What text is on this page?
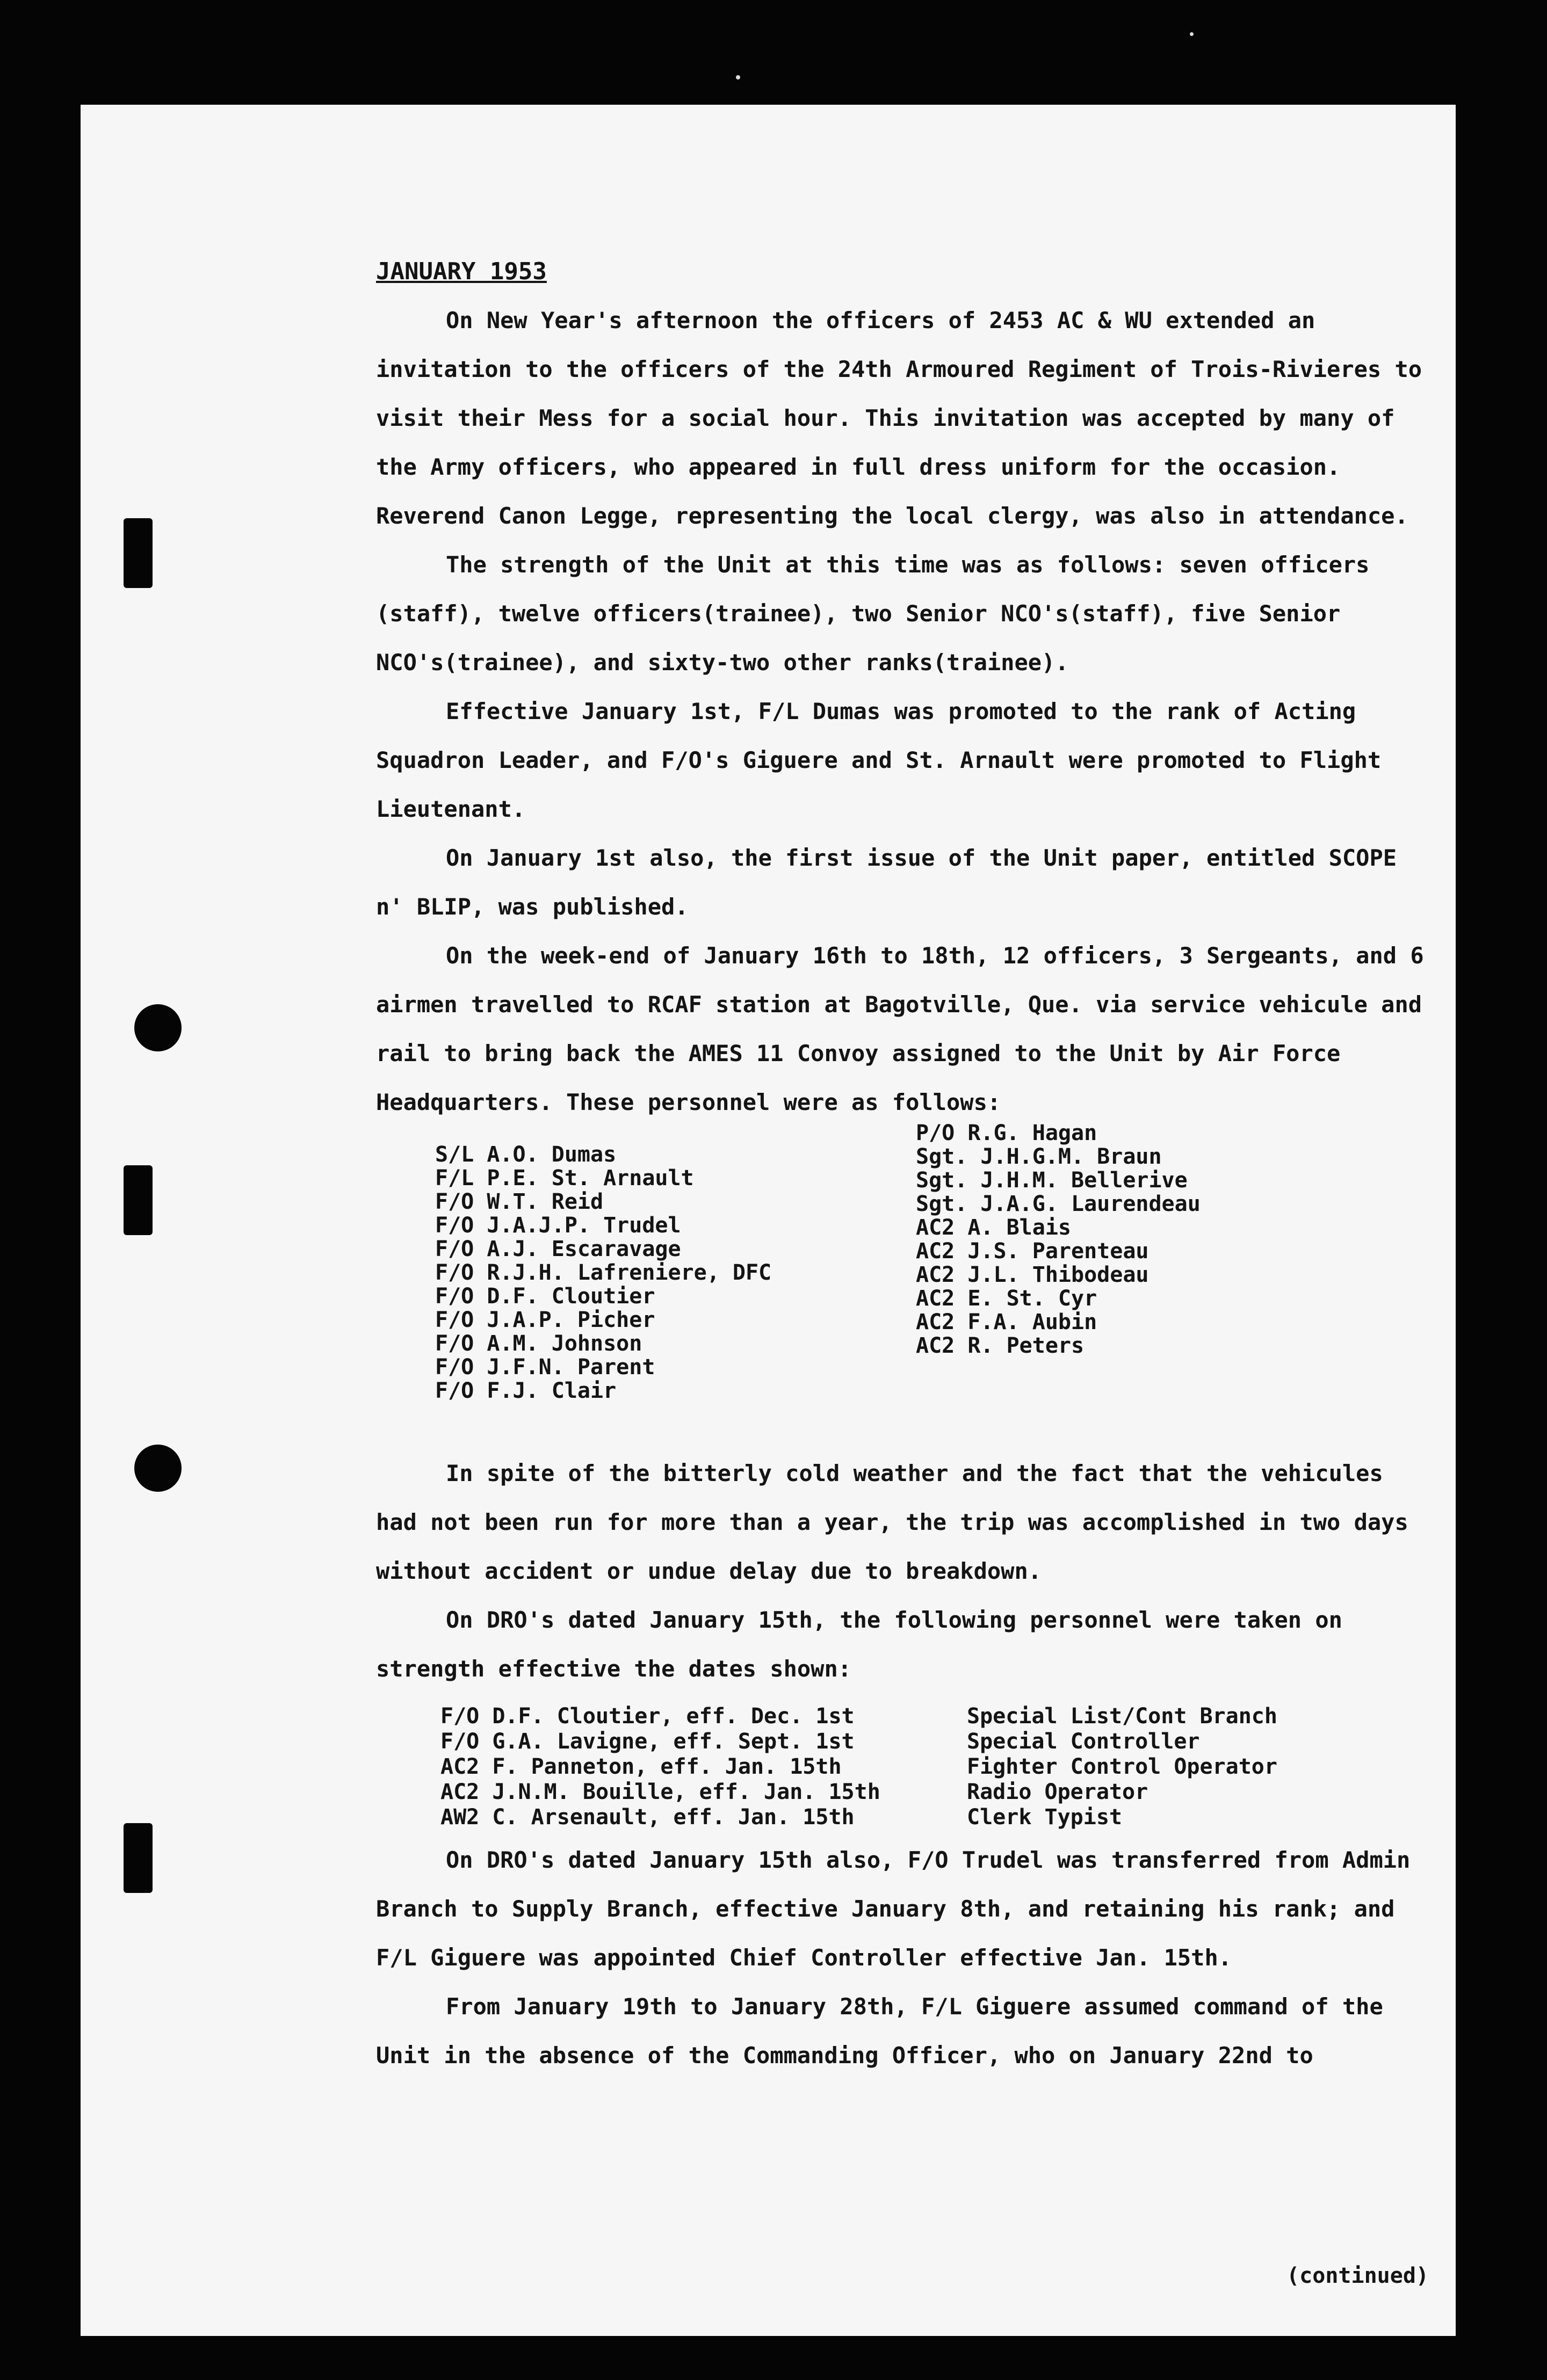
JANUARY 1953

On New Year's afternoon the officers of 2453 AC & WU extended an invitation to the officers of the 24th Armoured Regiment of Trois-Rivieres to visit their Mess for a social hour. This invitation was accepted by many of the Army officers, who appeared in full dress uniform for the occasion. Reverend Canon Legge, representing the local clergy, was also in attendance.

The strength of the Unit at this time was as follows: seven officers (staff), twelve officers(trainee), two Senior NCO's(staff), five Senior NCO's(trainee), and sixty-two other ranks(trainee).

Effective January 1st, F/L Dumas was promoted to the rank of Acting Squadron Leader, and F/O's Giguere and St. Arnault were promoted to Flight Lieutenant.

On January 1st also, the first issue of the Unit paper, entitled SCOPE n' BLIP, was published.

On the week-end of January 16th to 18th, 12 officers, 3 Sergeants, and 6 airmen travelled to RCAF station at Bagotville, Que. via service vehicule and rail to bring back the AMES 11 Convoy assigned to the Unit by Air Force Headquarters. These personnel were as follows:

S/L A.O. Dumas
F/L P.E. St. Arnault
F/O W.T. Reid
F/O J.A.J.P. Trudel
F/O A.J. Escaravage
F/O R.J.H. Lafreniere, DFC
F/O D.F. Cloutier
F/O J.A.P. Picher
F/O A.M. Johnson
F/O J.F.N. Parent
F/O F.J. Clair
P/O R.G. Hagan
Sgt. J.H.G.M. Braun
Sgt. J.H.M. Bellerive
Sgt. J.A.G. Laurendeau
AC2 A. Blais
AC2 J.S. Parenteau
AC2 J.L. Thibodeau
AC2 E. St. Cyr
AC2 F.A. Aubin
AC2 R. Peters

In spite of the bitterly cold weather and the fact that the vehicules had not been run for more than a year, the trip was accomplished in two days without accident or undue delay due to breakdown.

On DRO's dated January 15th, the following personnel were taken on strength effective the dates shown:

F/O D.F. Cloutier, eff. Dec. 1st
F/O G.A. Lavigne, eff. Sept. 1st
AC2 F. Panneton, eff. Jan. 15th
AC2 J.N.M. Bouille, eff. Jan. 15th
AW2 C. Arsenault, eff. Jan. 15th
Special List/Cont Branch
Special Controller
Fighter Control Operator
Radio Operator
Clerk Typist

On DRO's dated January 15th also, F/O Trudel was transferred from Admin Branch to Supply Branch, effective January 8th, and retaining his rank; and F/L Giguere was appointed Chief Controller effective Jan. 15th.

From January 19th to January 28th, F/L Giguere assumed command of the Unit in the absence of the Commanding Officer, who on January 22nd to

(continued)
